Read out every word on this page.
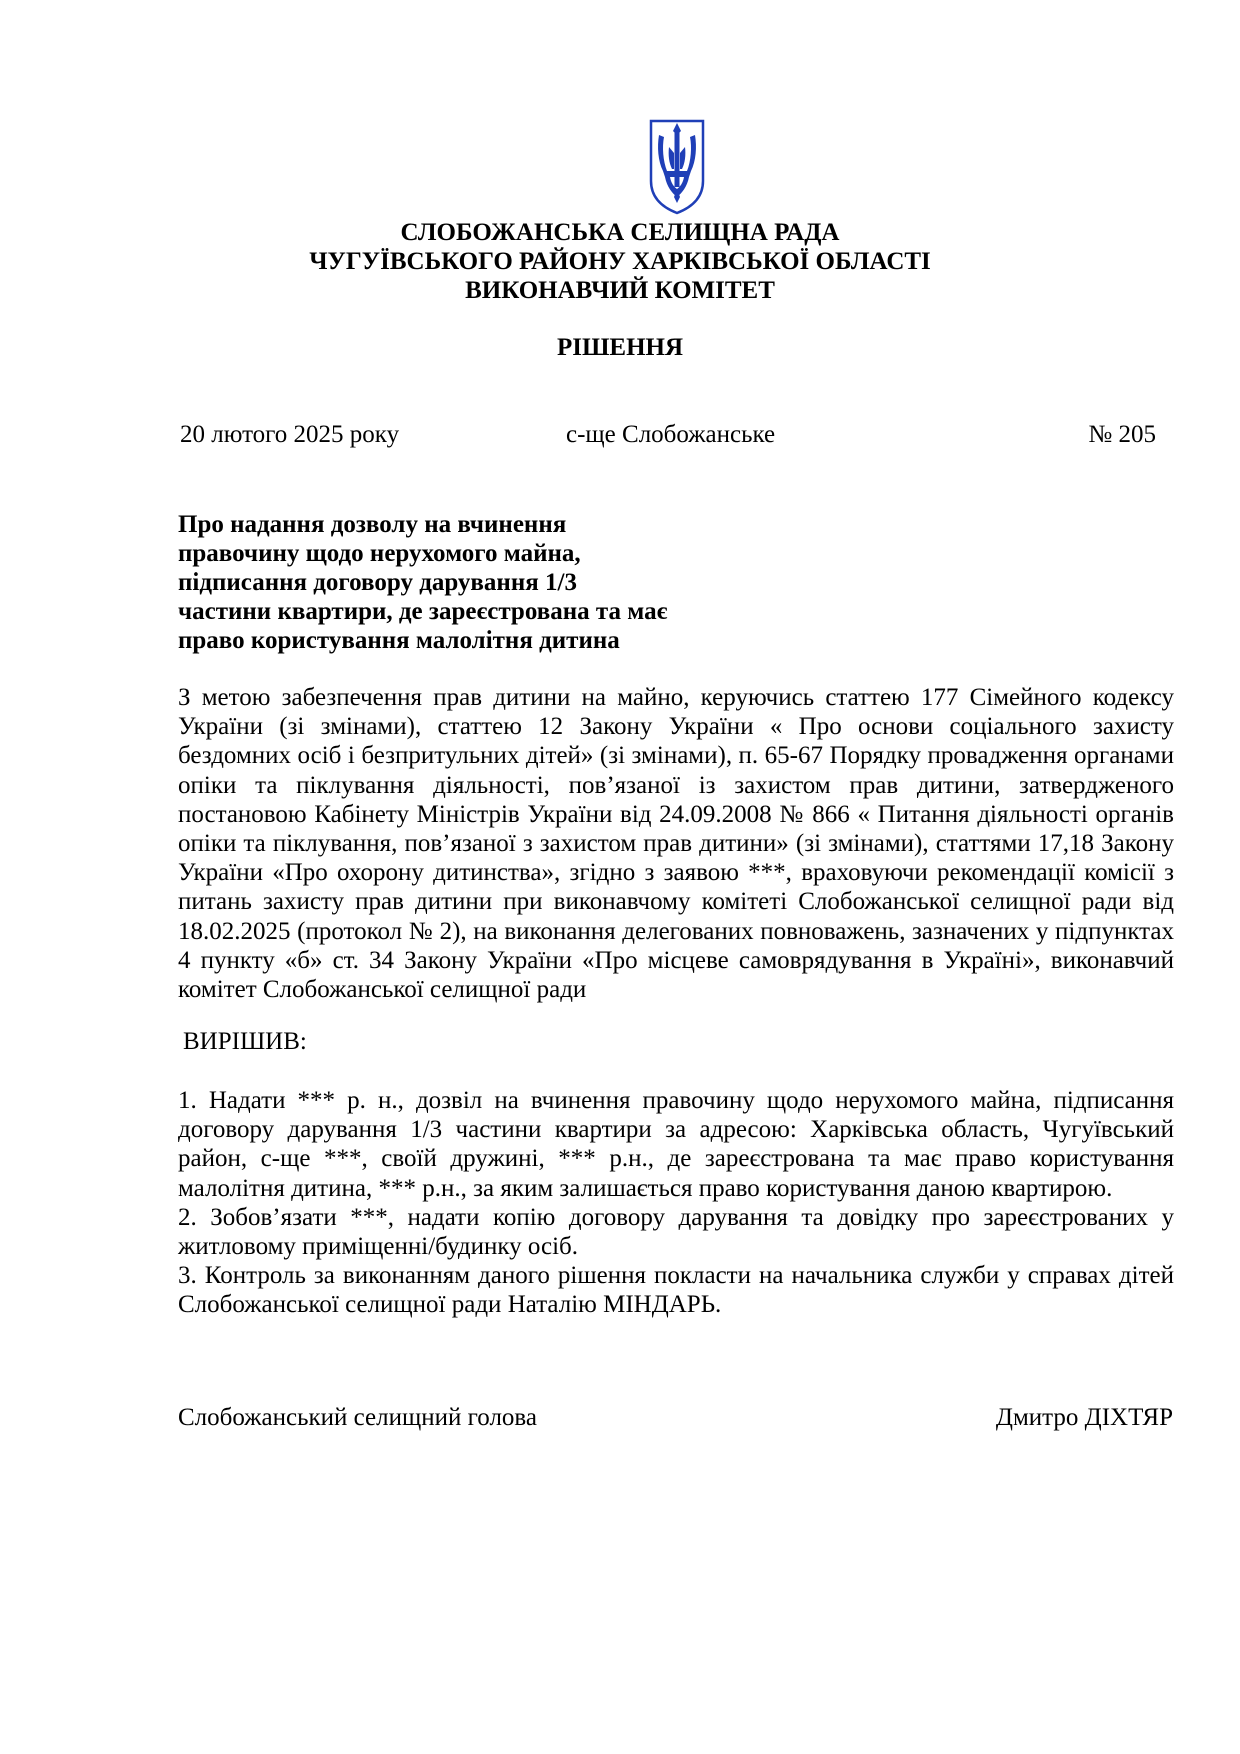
СЛОБОЖАНСЬКА СЕЛИЩНА РАДА
ЧУГУЇВСЬКОГО РАЙОНУ ХАРКІВСЬКОЇ ОБЛАСТІ
ВИКОНАВЧИЙ КОМІТЕТ
РІШЕННЯ
20 лютого 2025 року	с-ще Слобожанське	№ 205
Про надання дозволу на вчинення
правочину щодо нерухомого майна,
підписання договору дарування 1/3
частини квартири, де зареєстрована та має
право користування малолітня дитина

З метою забезпечення прав дитини на майно, керуючись статтею 177 Сімейного кодексу України (зі змінами), статтею 12 Закону України « Про основи соціального захисту бездомних осіб і безпритульних дітей» (зі змінами), п. 65-67 Порядку провадження органами опіки та піклування діяльності, пов’язаної із захистом прав дитини, затвердженого постановою Кабінету Міністрів України від 24.09.2008 № 866 « Питання діяльності органів опіки та піклування, пов’язаної з захистом прав дитини» (зі змінами), статтями 17,18 Закону України «Про охорону дитинства», згідно з заявою ***, враховуючи рекомендації комісії з питань захисту прав дитини при виконавчому комітеті Слобожанської селищної ради від 18.02.2025 (протокол № 2), на виконання делегованих повноважень, зазначених у підпунктах 4 пункту «б» ст. 34 Закону України «Про місцеве самоврядування в Україні», виконавчий комітет Слобожанської селищної ради

ВИРІШИВ:

1. Надати *** р. н., дозвіл на вчинення правочину щодо нерухомого майна, підписання договору дарування 1/3 частини квартири за адресою: Харківська область, Чугуївський район, с-ще ***, своїй дружині, *** р.н., де зареєстрована та має право користування малолітня дитина, *** р.н., за яким залишається право користування даною квартирою.

2. Зобов’язати ***, надати копію договору дарування та довідку про зареєстрованих у житловому приміщенні/будинку осіб.

3. Контроль за виконанням даного рішення покласти на начальника служби у справах дітей Слобожанської селищної ради Наталію МІНДАРЬ.

Слобожанський селищний голова	Дмитро ДІХТЯР
